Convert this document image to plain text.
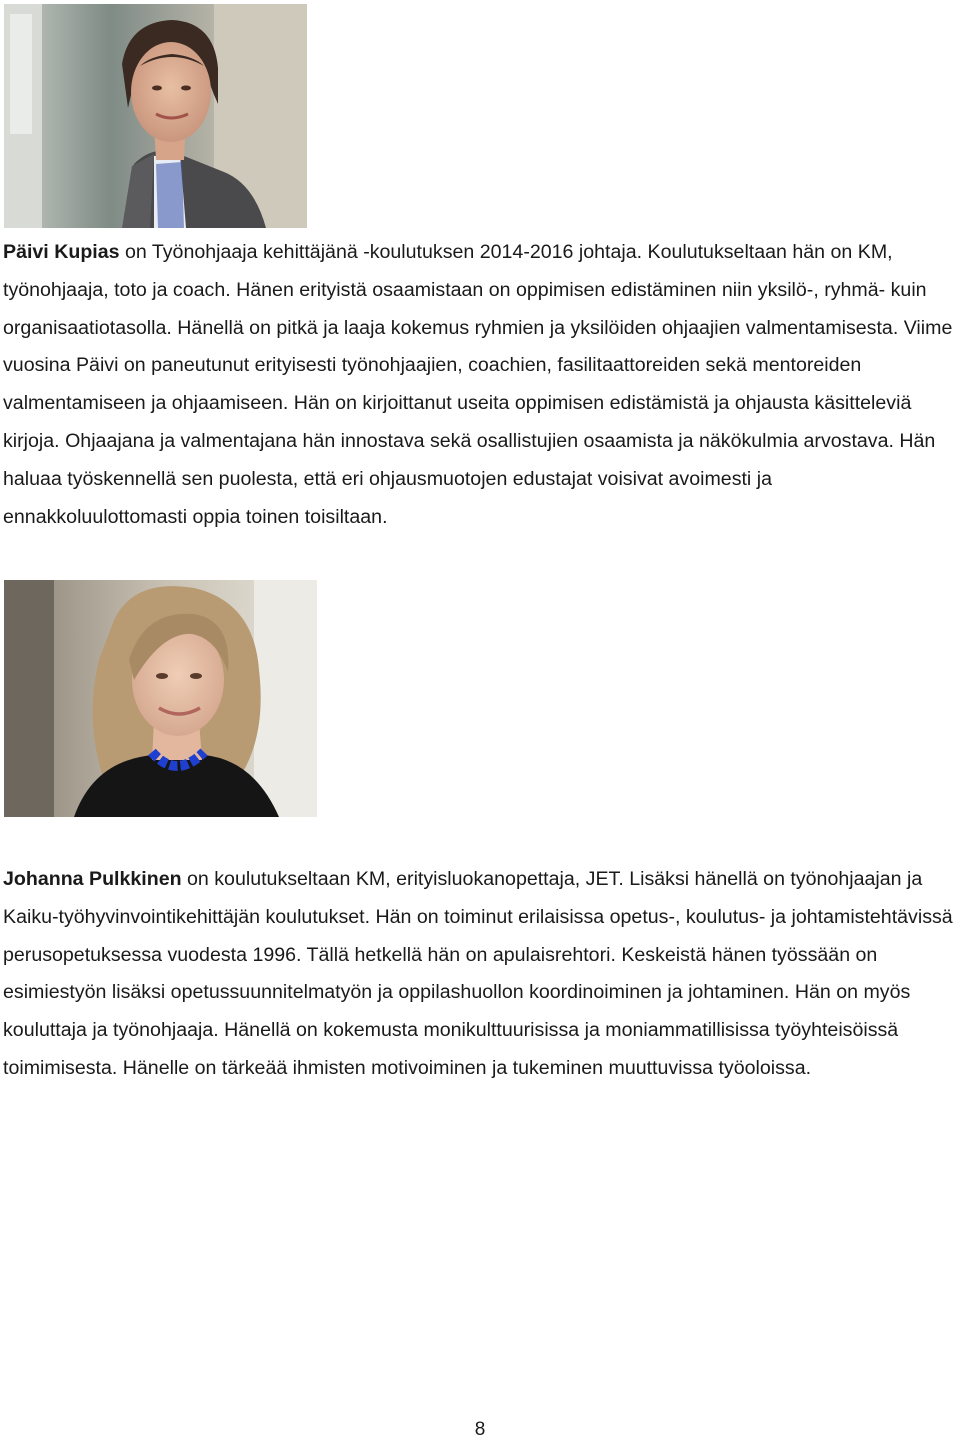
Päivi Kupias on Työnohjaaja kehittäjänä -koulutuksen 2014-2016 johtaja. Koulutukseltaan hän on KM, työnohjaaja, toto ja coach. Hänen erityistä osaamistaan on oppimisen edistäminen niin yksilö-, ryhmä- kuin organisaatiotasolla. Hänellä on pitkä ja laaja kokemus ryhmien ja yksilöiden ohjaajien valmentamisesta. Viime vuosina Päivi on paneutunut erityisesti työnohjaajien, coachien, fasilitaattoreiden sekä mentoreiden valmentamiseen ja ohjaamiseen. Hän on kirjoittanut useita oppimisen edistämistä ja ohjausta käsitteleviä kirjoja. Ohjaajana ja valmentajana hän innostava sekä osallistujien osaamista ja näkökulmia arvostava. Hän haluaa työskennellä sen puolesta, että eri ohjausmuotojen edustajat voisivat avoimesti ja ennakkoluulottomasti oppia toinen toisiltaan.

Johanna Pulkkinen on koulutukseltaan KM, erityisluokanopettaja, JET. Lisäksi hänellä on työnohjaajan ja Kaiku-työhyvinvointikehittäjän koulutukset. Hän on toiminut erilaisissa opetus-, koulutus- ja johtamistehtävissä perusopetuksessa vuodesta 1996. Tällä hetkellä hän on apulaisrehtori. Keskeistä hänen työssään on esimiestyön lisäksi opetussuunnitelmatyön ja oppilashuollon koordinoiminen ja johtaminen. Hän on myös kouluttaja ja työnohjaaja. Hänellä on kokemusta monikulttuurisissa ja moniammatillisissa työyhteisöissä toimimisesta. Hänelle on tärkeää ihmisten motivoiminen ja tukeminen muuttuvissa työoloissa.

8
